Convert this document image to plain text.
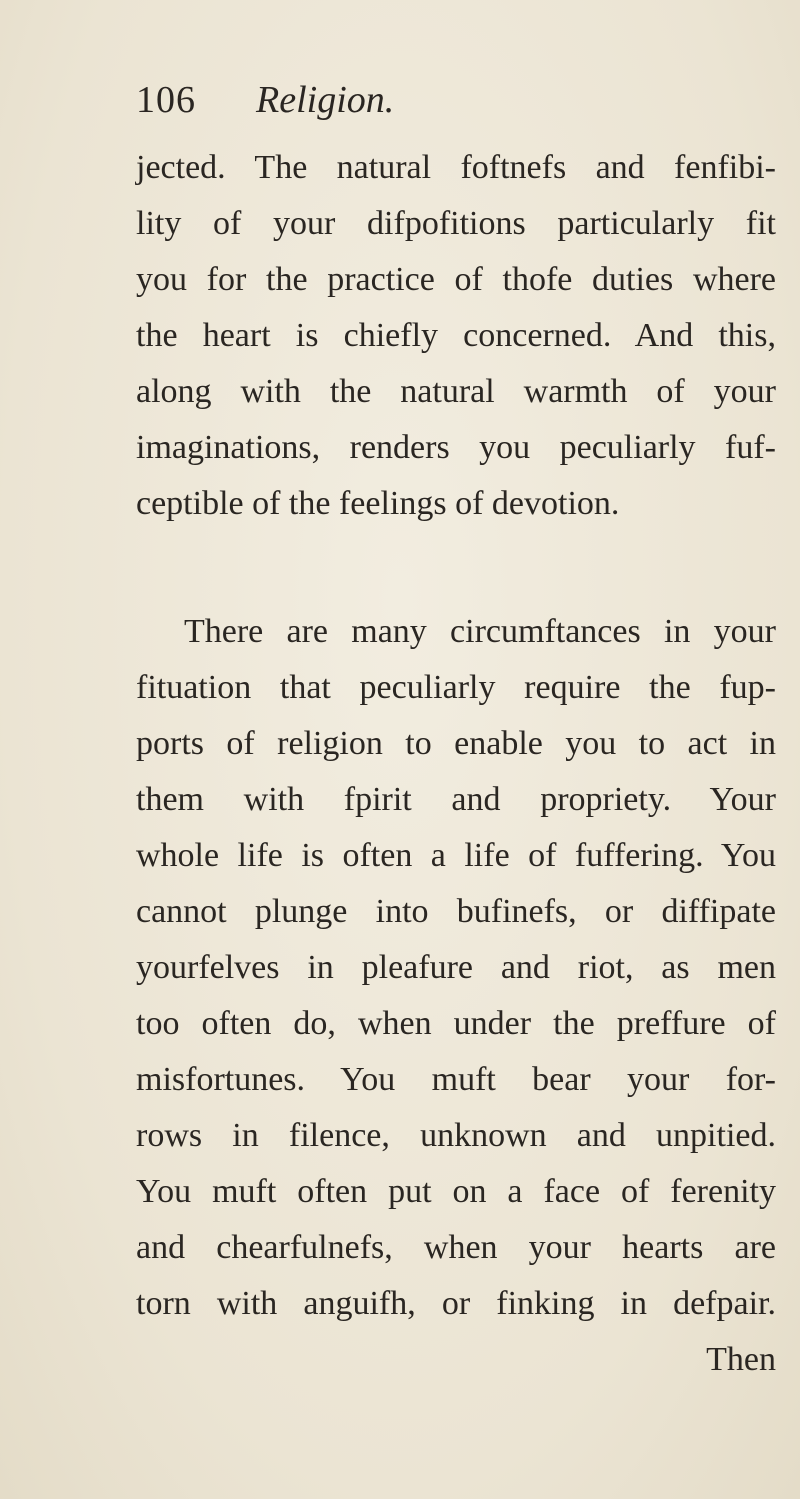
106 Religion.
jected. The natural foftnefs and fenfibi-
lity of your difpofitions particularly fit
you for the practice of thofe duties where
the heart is chiefly concerned. And this,
along with the natural warmth of your
imaginations, renders you peculiarly fuf-
ceptible of the feelings of devotion.
There are many circumftances in your
fituation that peculiarly require the fup-
ports of religion to enable you to act in
them with fpirit and propriety. Your
whole life is often a life of fuffering. You
cannot plunge into bufinefs, or diffipate
yourfelves in pleafure and riot, as men
too often do, when under the preffure of
misfortunes. You muft bear your for-
rows in filence, unknown and unpitied.
You muft often put on a face of ferenity
and chearfulnefs, when your hearts are
torn with anguifh, or finking in defpair.
Then
